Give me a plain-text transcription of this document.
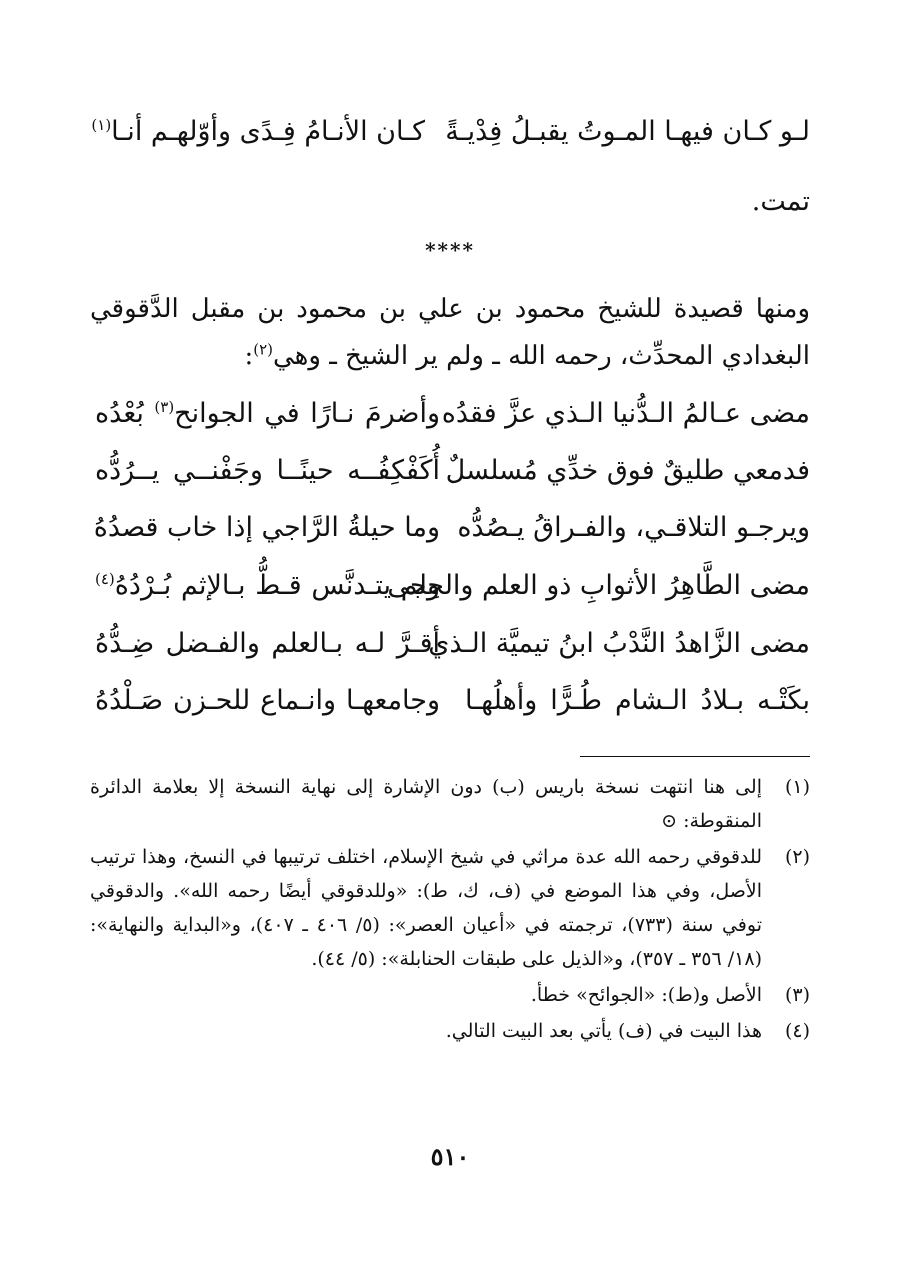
لـو كـان فيهـا المـوتُ يقبـلُ فِدْيـةً
كـان الأنـامُ فِـدًى وأوّلهـم أنـا$^{(١)}$
تمت.
****
ومنها قصيدة للشيخ محمود بن علي بن محمود بن مقبل الدَّقوقي
البغدادي المحدِّث، رحمه الله ـ ولم ير الشيخ ـ وهي$^{(٢)}$:
مضى عـالمُ الـدُّنيا الـذي عزَّ فقدُه
وأضرمَ نـارًا في الجوانح$^{(٣)}$ بُعْدُه
فدمعي طليقٌ فوق خدِّي مُسلسلٌ
أُكَفْكِفُــه حينًــا وجَفْنــي يــرُدُّه
ويرجـو التلاقـي، والفـراقُ يـصُدُّه
وما حيلةُ الرَّاجي إذا خاب قصدُهُ
مضى الطَّاهِرُ الأثوابِ ذو العلم والحِجى
ولم يتـدنَّس قـطُّ بـالإثم بُـرْدُهُ$^{(٤)}$
مضى الزَّاهدُ النَّدْبُ ابنُ تيميَّة الـذي
أقـرَّ لـه بـالعلم والفـضل ضِـدُّهُ
بكَتْـه بـلادُ الـشام طُـرًّا وأهلُهـا
وجامعهـا وانـماع للحـزن صَـلْدُهُ
(١)
إلى هنا انتهت نسخة باريس (ب) دون الإشارة إلى نهاية النسخة إلا بعلامة الدائرة المنقوطة: ⊙
(٢)
للدقوقي رحمه الله عدة مراثي في شيخ الإسلام، اختلف ترتيبها في النسخ، وهذا ترتيب الأصل، وفي هذا الموضع في (ف، ك، ط): «وللدقوقي أيضًا رحمه الله». والدقوقي توفي سنة (٧٣٣)، ترجمته في «أعيان العصر»: (٥/ ٤٠٦ ـ ٤٠٧)، و«البداية والنهاية»: (١٨/ ٣٥٦ ـ ٣٥٧)، و«الذيل على طبقات الحنابلة»: (٥/ ٤٤).
(٣)
الأصل و(ط): «الجوائح» خطأ.
(٤)
هذا البيت في (ف) يأتي بعد البيت التالي.
٥١٠
